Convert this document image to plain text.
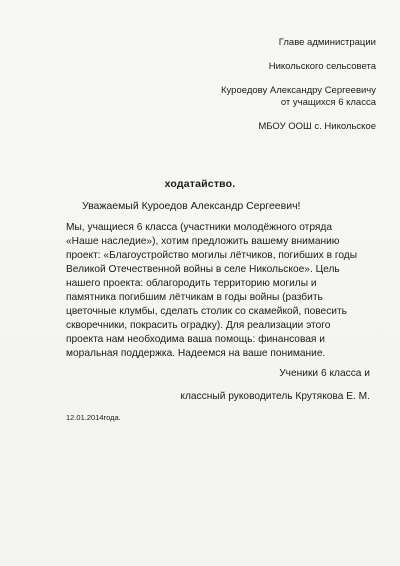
Главе администрации
Никольского сельсовета
Куроедову Александру Сергеевичу
от учащихся 6 класса
МБОУ ООШ с. Никольское
ходатайство.
Уважаемый Куроедов Александр Сергеевич!
Мы, учащиеся 6 класса (участники молодёжного отряда
«Наше наследие»), хотим предложить вашему вниманию
проект: «Благоустройство могилы лётчиков, погибших в годы
Великой Отечественной войны в селе Никольское». Цель
нашего проекта: облагородить территорию могилы и
памятника погибшим лётчикам в годы войны (разбить
цветочные клумбы, сделать столик со скамейкой, повесить
скворечники, покрасить оградку). Для реализации этого
проекта нам необходима ваша помощь: финансовая и
моральная поддержка. Надеемся на ваше понимание.
Ученики 6 класса и
классный руководитель Крутякова Е. М.
12.01.2014года.
